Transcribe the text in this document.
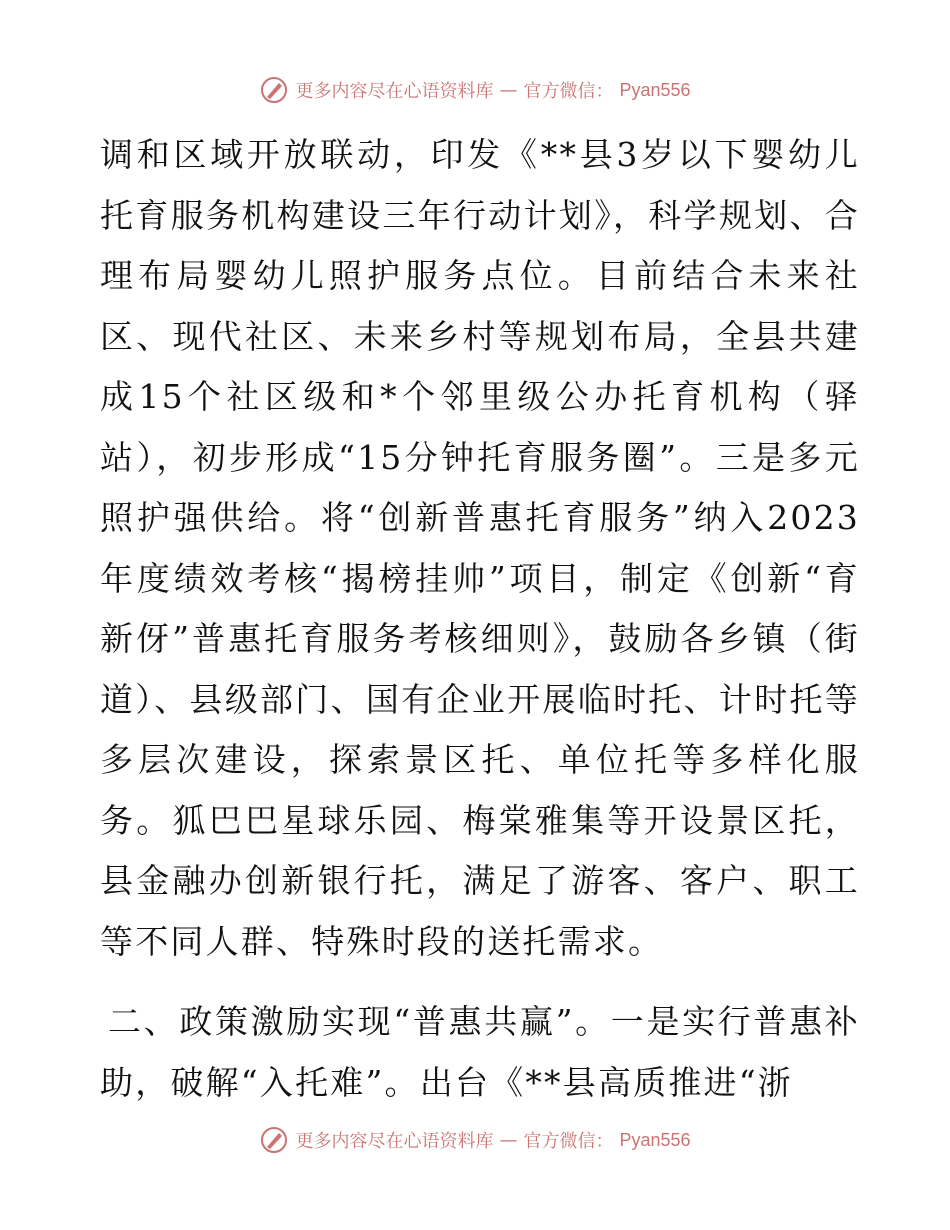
更多内容尽在心语资料库 — 官方微信： Pyan556

调和区域开放联动，印发《**县3岁以下婴幼儿托育服务机构建设三年行动计划》，科学规划、合理布局婴幼儿照护服务点位。目前结合未来社区、现代社区、未来乡村等规划布局，全县共建成15个社区级和*个邻里级公办托育机构（驿站），初步形成“15分钟托育服务圈”。三是多元照护强供给。将“创新普惠托育服务”纳入2023年度绩效考核“揭榜挂帅”项目，制定《创新“育新伢”普惠托育服务考核细则》，鼓励各乡镇（街道）、县级部门、国有企业开展临时托、计时托等多层次建设，探索景区托、单位托等多样化服务。狐巴巴星球乐园、梅棠雅集等开设景区托，县金融办创新银行托，满足了游客、客户、职工等不同人群、特殊时段的送托需求。

二、政策激励实现“普惠共赢”。一是实行普惠补助，破解“入托难”。出台《**县高质推进“浙

更多内容尽在心语资料库 — 官方微信： Pyan556
